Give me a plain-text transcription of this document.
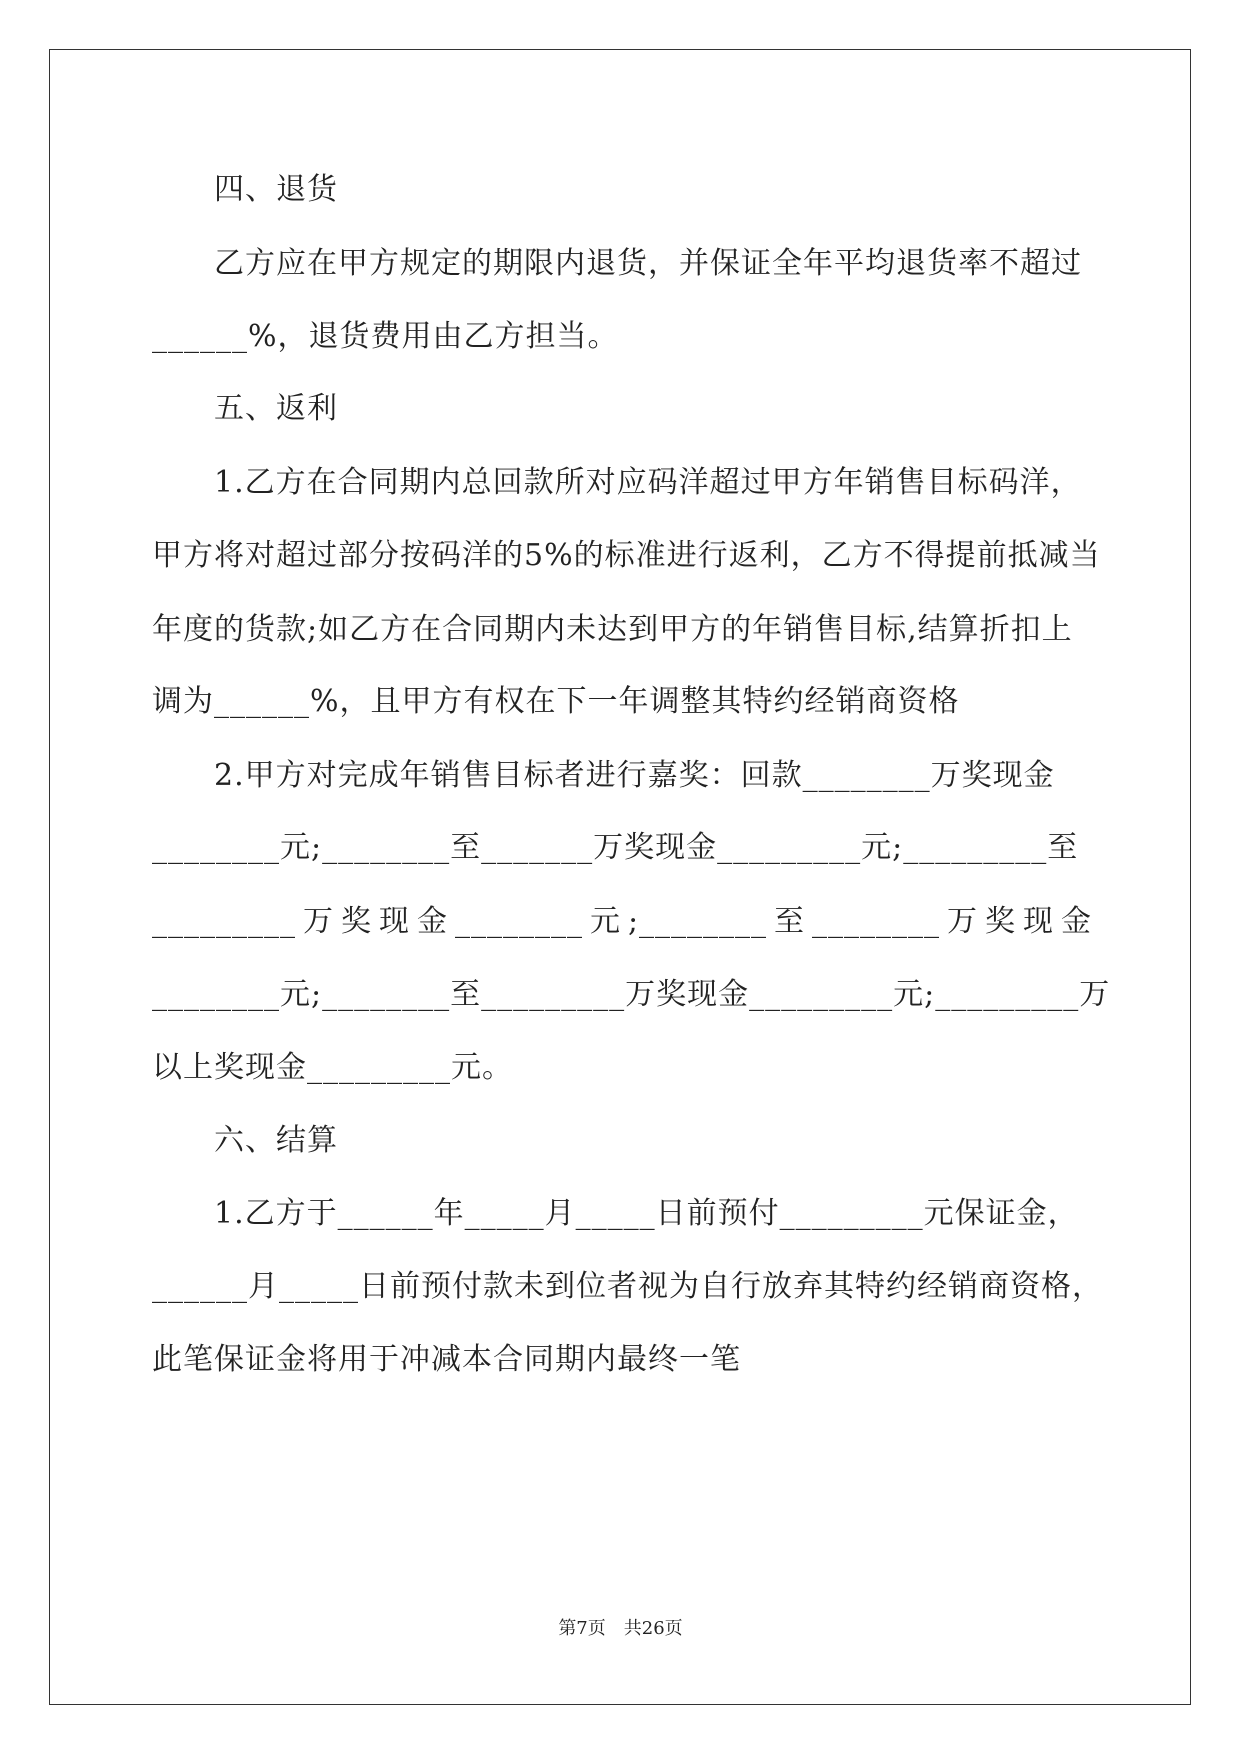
四、退货
乙方应在甲方规定的期限内退货，并保证全年平均退货率不超过
______%，退货费用由乙方担当。
五、返利
1.乙方在合同期内总回款所对应码洋超过甲方年销售目标码洋，
甲方将对超过部分按码洋的5%的标准进行返利，乙方不得提前抵减当
年度的货款;如乙方在合同期内未达到甲方的年销售目标,结算折扣上
调为______%，且甲方有权在下一年调整其特约经销商资格
2.甲方对完成年销售目标者进行嘉奖：回款________万奖现金
________元;________至_______万奖现金_________元;_________至
_________万奖现金________元;________至________万奖现金
________元;________至_________万奖现金_________元;_________万
以上奖现金_________元。
六、结算
1.乙方于______年_____月_____日前预付_________元保证金，
______月_____日前预付款未到位者视为自行放弃其特约经销商资格，
此笔保证金将用于冲减本合同期内最终一笔
第7页　共26页
